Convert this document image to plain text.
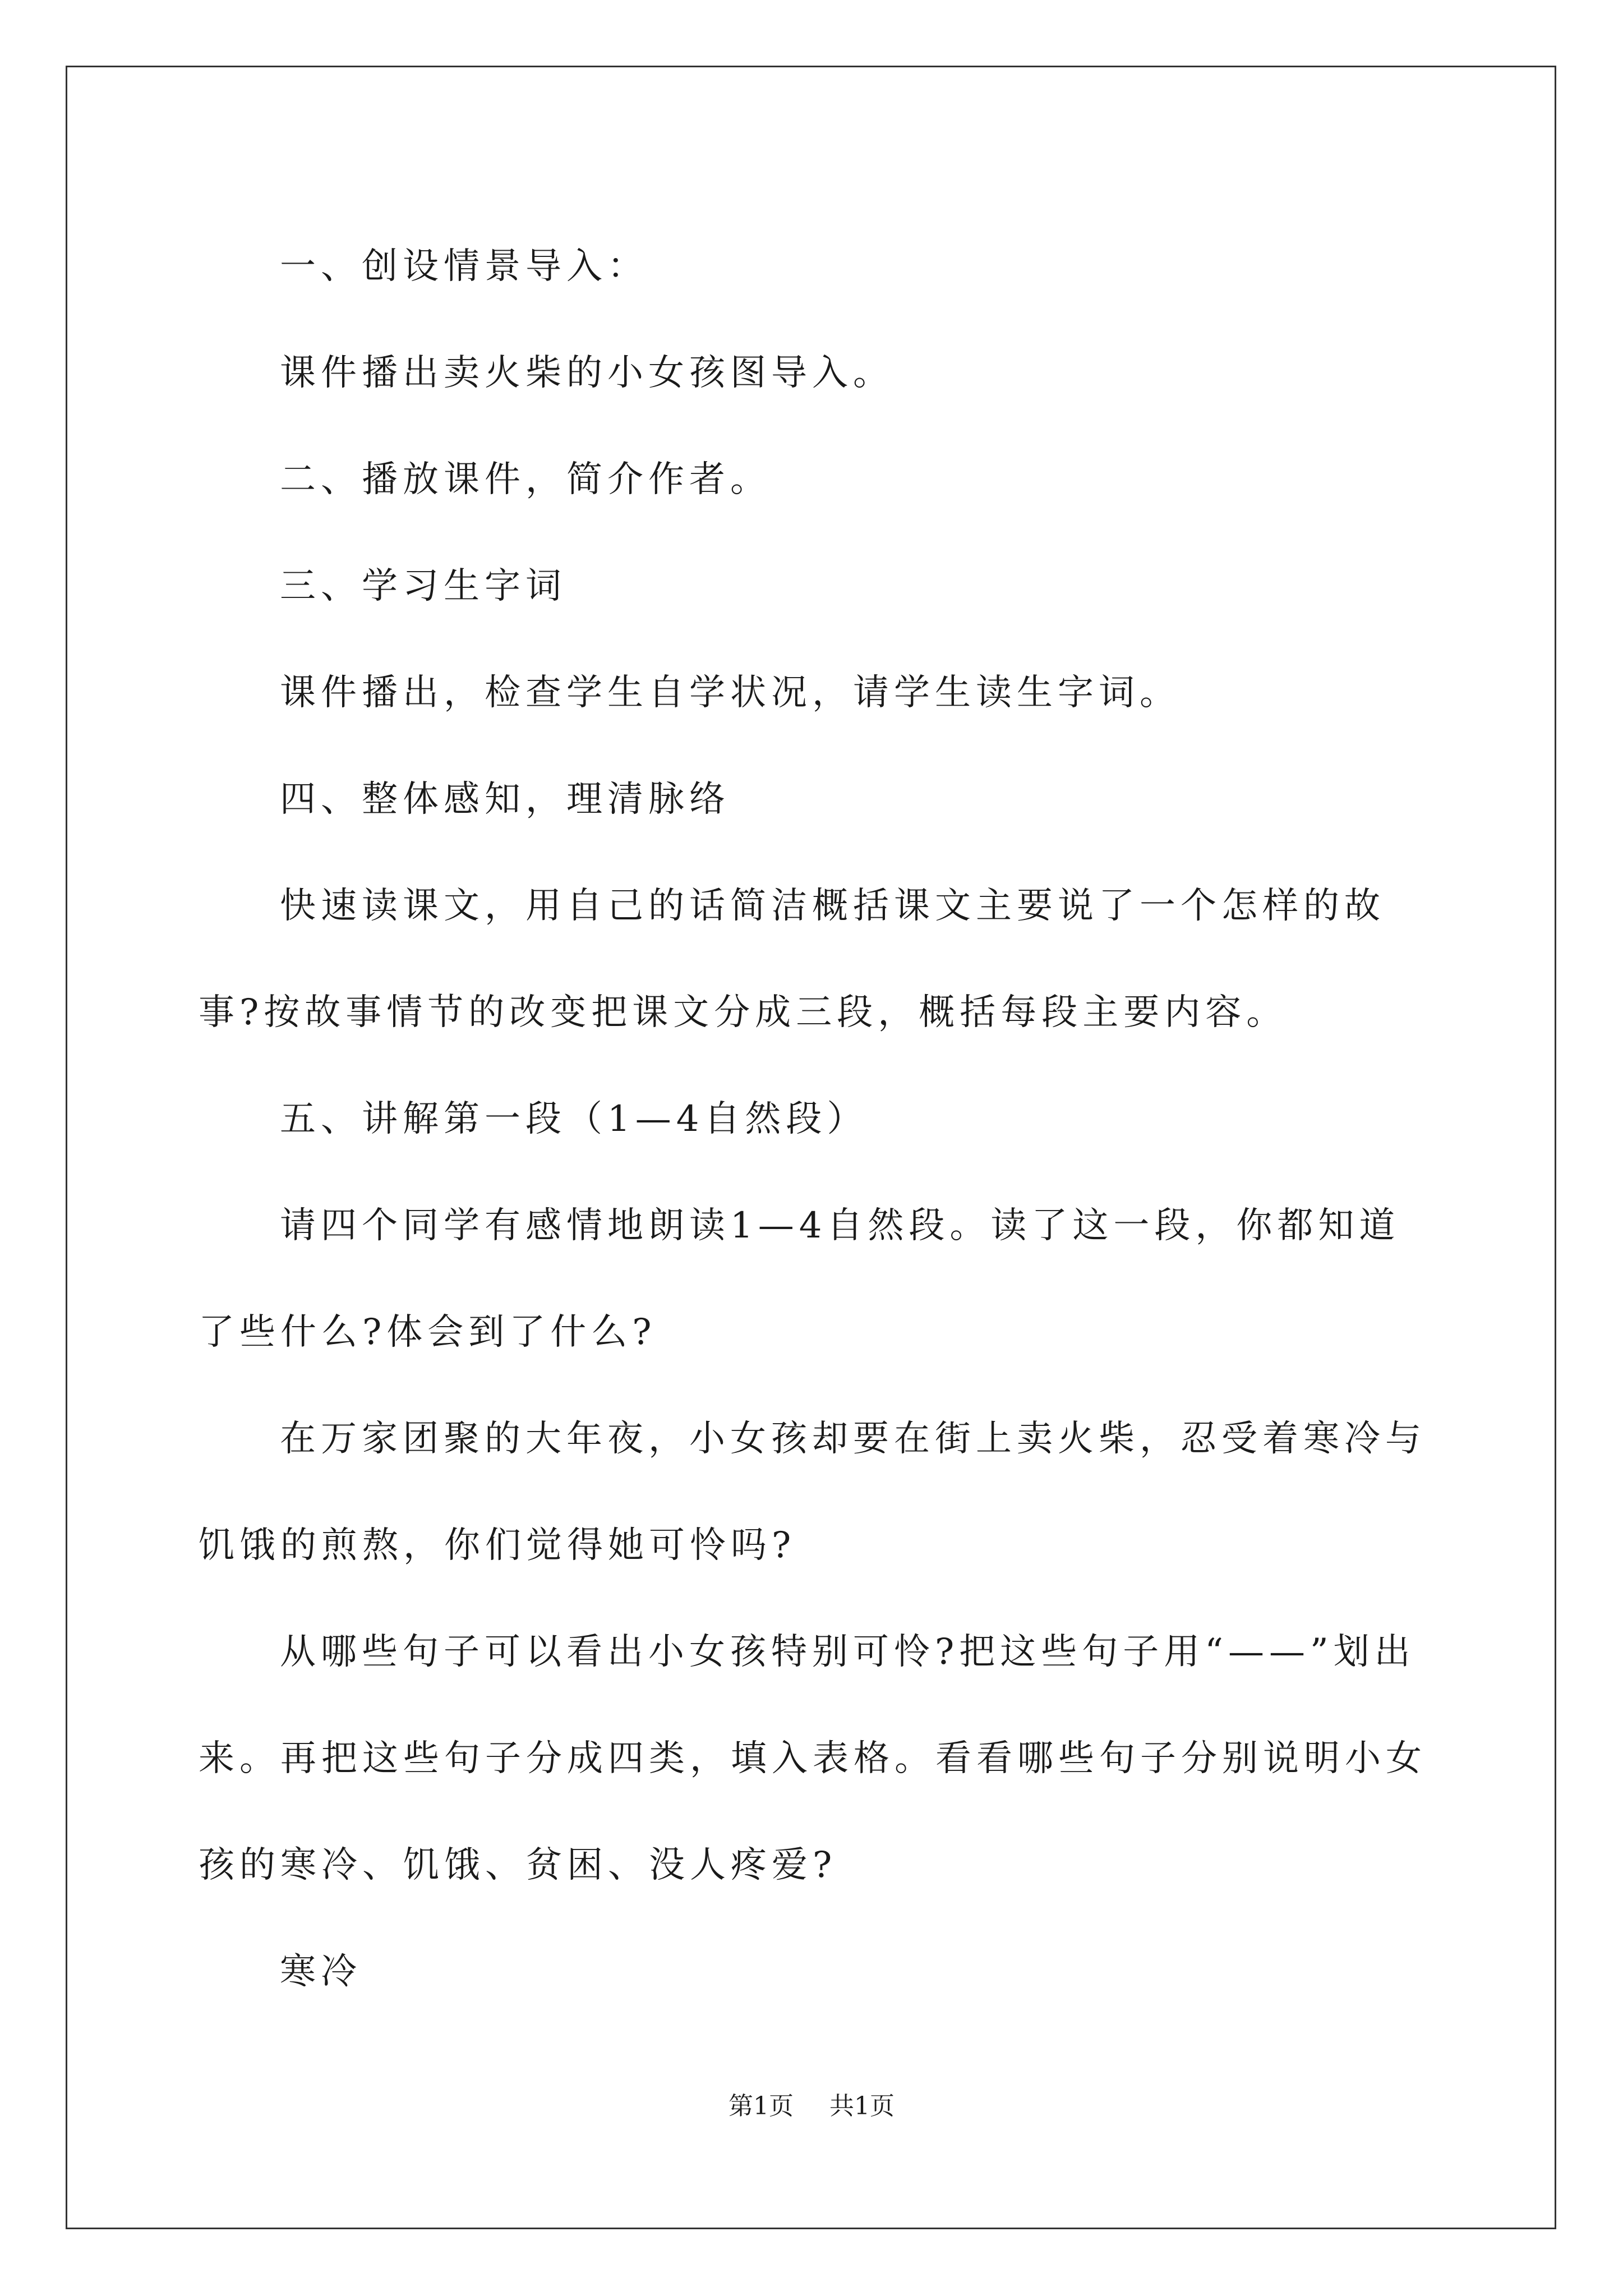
一、创设情景导入：

课件播出卖火柴的小女孩图导入。

二、播放课件，简介作者。

三、学习生字词

课件播出，检查学生自学状况，请学生读生字词。

四、整体感知，理清脉络

快速读课文，用自己的话简洁概括课文主要说了一个怎样的故事?按故事情节的改变把课文分成三段，概括每段主要内容。

五、讲解第一段（1—4自然段）

请四个同学有感情地朗读1—4自然段。读了这一段，你都知道了些什么?体会到了什么?

在万家团聚的大年夜，小女孩却要在街上卖火柴，忍受着寒冷与饥饿的煎熬，你们觉得她可怜吗?

从哪些句子可以看出小女孩特别可怜?把这些句子用“——”划出来。再把这些句子分成四类，填入表格。看看哪些句子分别说明小女孩的寒冷、饥饿、贫困、没人疼爱?

寒冷

第1页 共1页
